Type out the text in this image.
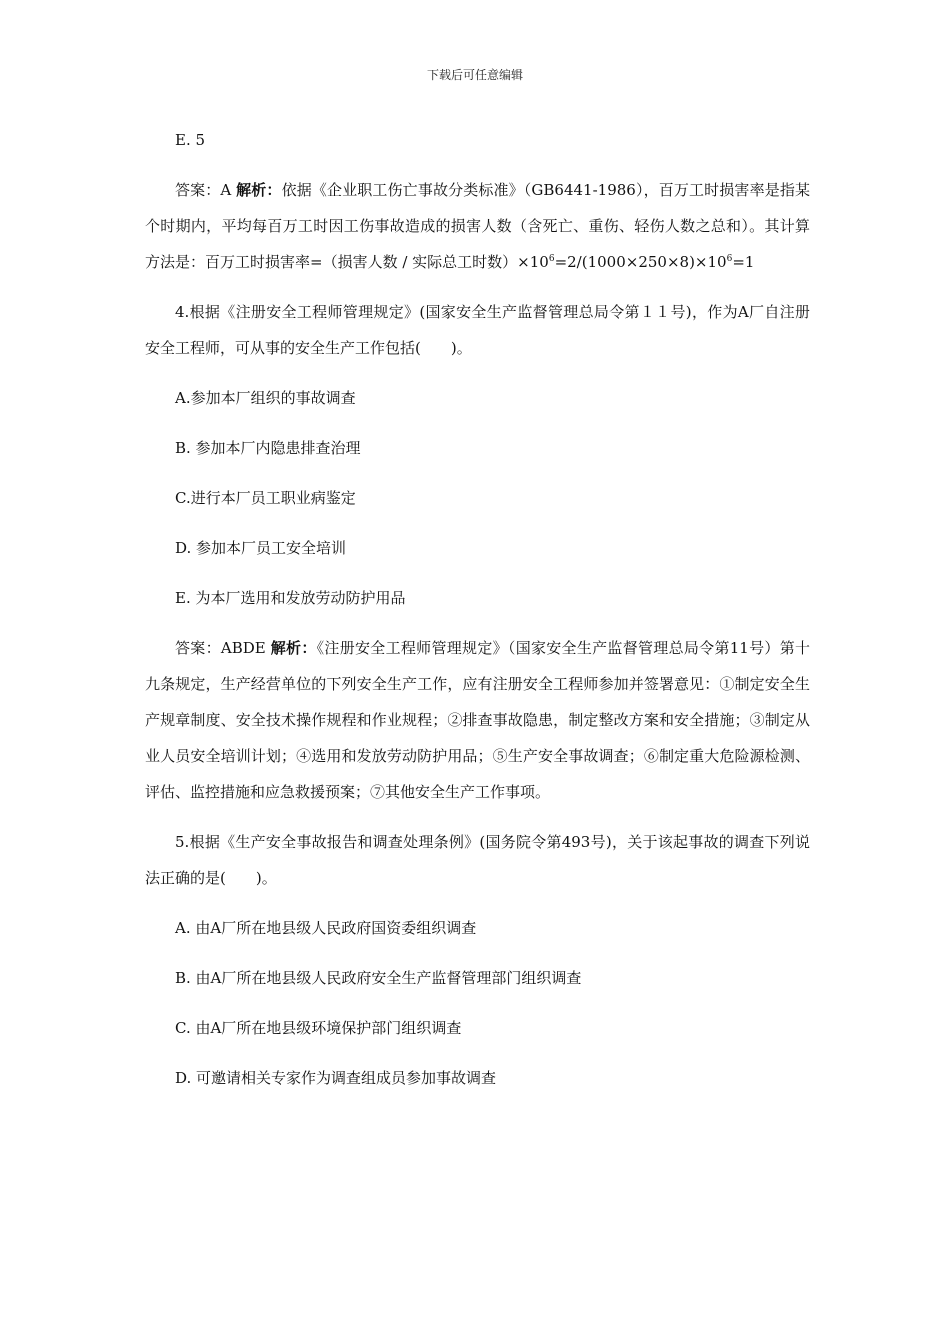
下载后可任意编辑

E. 5

答案：A 解析：依据《企业职工伤亡事故分类标准》（GB6441-1986），百万工时损害率是指某个时期内，平均每百万工时因工伤事故造成的损害人数（含死亡、重伤、轻伤人数之总和）。其计算方法是：百万工时损害率=（损害人数 / 实际总工时数）$\times 10^6=2/(1000\times 250\times 8)\times 10^6=1$

4.根据《注册安全工程师管理规定》(国家安全生产监督管理总局令第１１号)，作为A厂自注册安全工程师，可从事的安全生产工作包括(　　)。

A.参加本厂组织的事故调查

B. 参加本厂内隐患排查治理

C.进行本厂员工职业病鉴定

D. 参加本厂员工安全培训

E. 为本厂选用和发放劳动防护用品

答案：ABDE 解析：《注册安全工程师管理规定》（国家安全生产监督管理总局令第11号）第十九条规定，生产经营单位的下列安全生产工作，应有注册安全工程师参加并签署意见：①制定安全生产规章制度、安全技术操作规程和作业规程；②排查事故隐患，制定整改方案和安全措施；③制定从业人员安全培训计划；④选用和发放劳动防护用品；⑤生产安全事故调查；⑥制定重大危险源检测、评估、监控措施和应急救援预案；⑦其他安全生产工作事项。

5.根据《生产安全事故报告和调查处理条例》(国务院令第493号)，关于该起事故的调查下列说法正确的是(　　)。

A. 由A厂所在地县级人民政府国资委组织调查

B. 由A厂所在地县级人民政府安全生产监督管理部门组织调查

C. 由A厂所在地县级环境保护部门组织调查

D. 可邀请相关专家作为调查组成员参加事故调查
